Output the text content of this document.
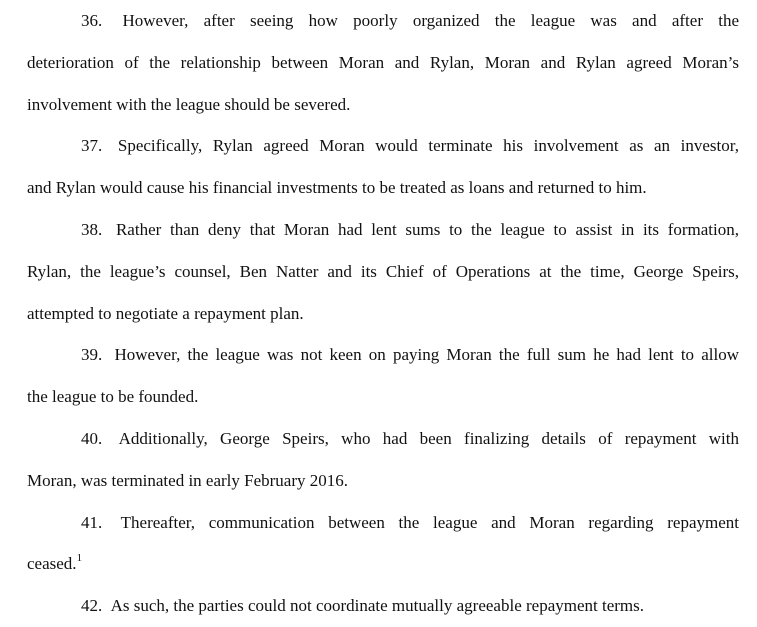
36. However, after seeing how poorly organized the league was and after the

deterioration of the relationship between Moran and Rylan, Moran and Rylan agreed Moran’s

involvement with the league should be severed.

37. Specifically, Rylan agreed Moran would terminate his involvement as an investor,

and Rylan would cause his financial investments to be treated as loans and returned to him.

38. Rather than deny that Moran had lent sums to the league to assist in its formation,

Rylan, the league’s counsel, Ben Natter and its Chief of Operations at the time, George Speirs,

attempted to negotiate a repayment plan.

39. However, the league was not keen on paying Moran the full sum he had lent to allow

the league to be founded.

40. Additionally, George Speirs, who had been finalizing details of repayment with

Moran, was terminated in early February 2016.

41. Thereafter, communication between the league and Moran regarding repayment

ceased.$^1$

42. As such, the parties could not coordinate mutually agreeable repayment terms.
